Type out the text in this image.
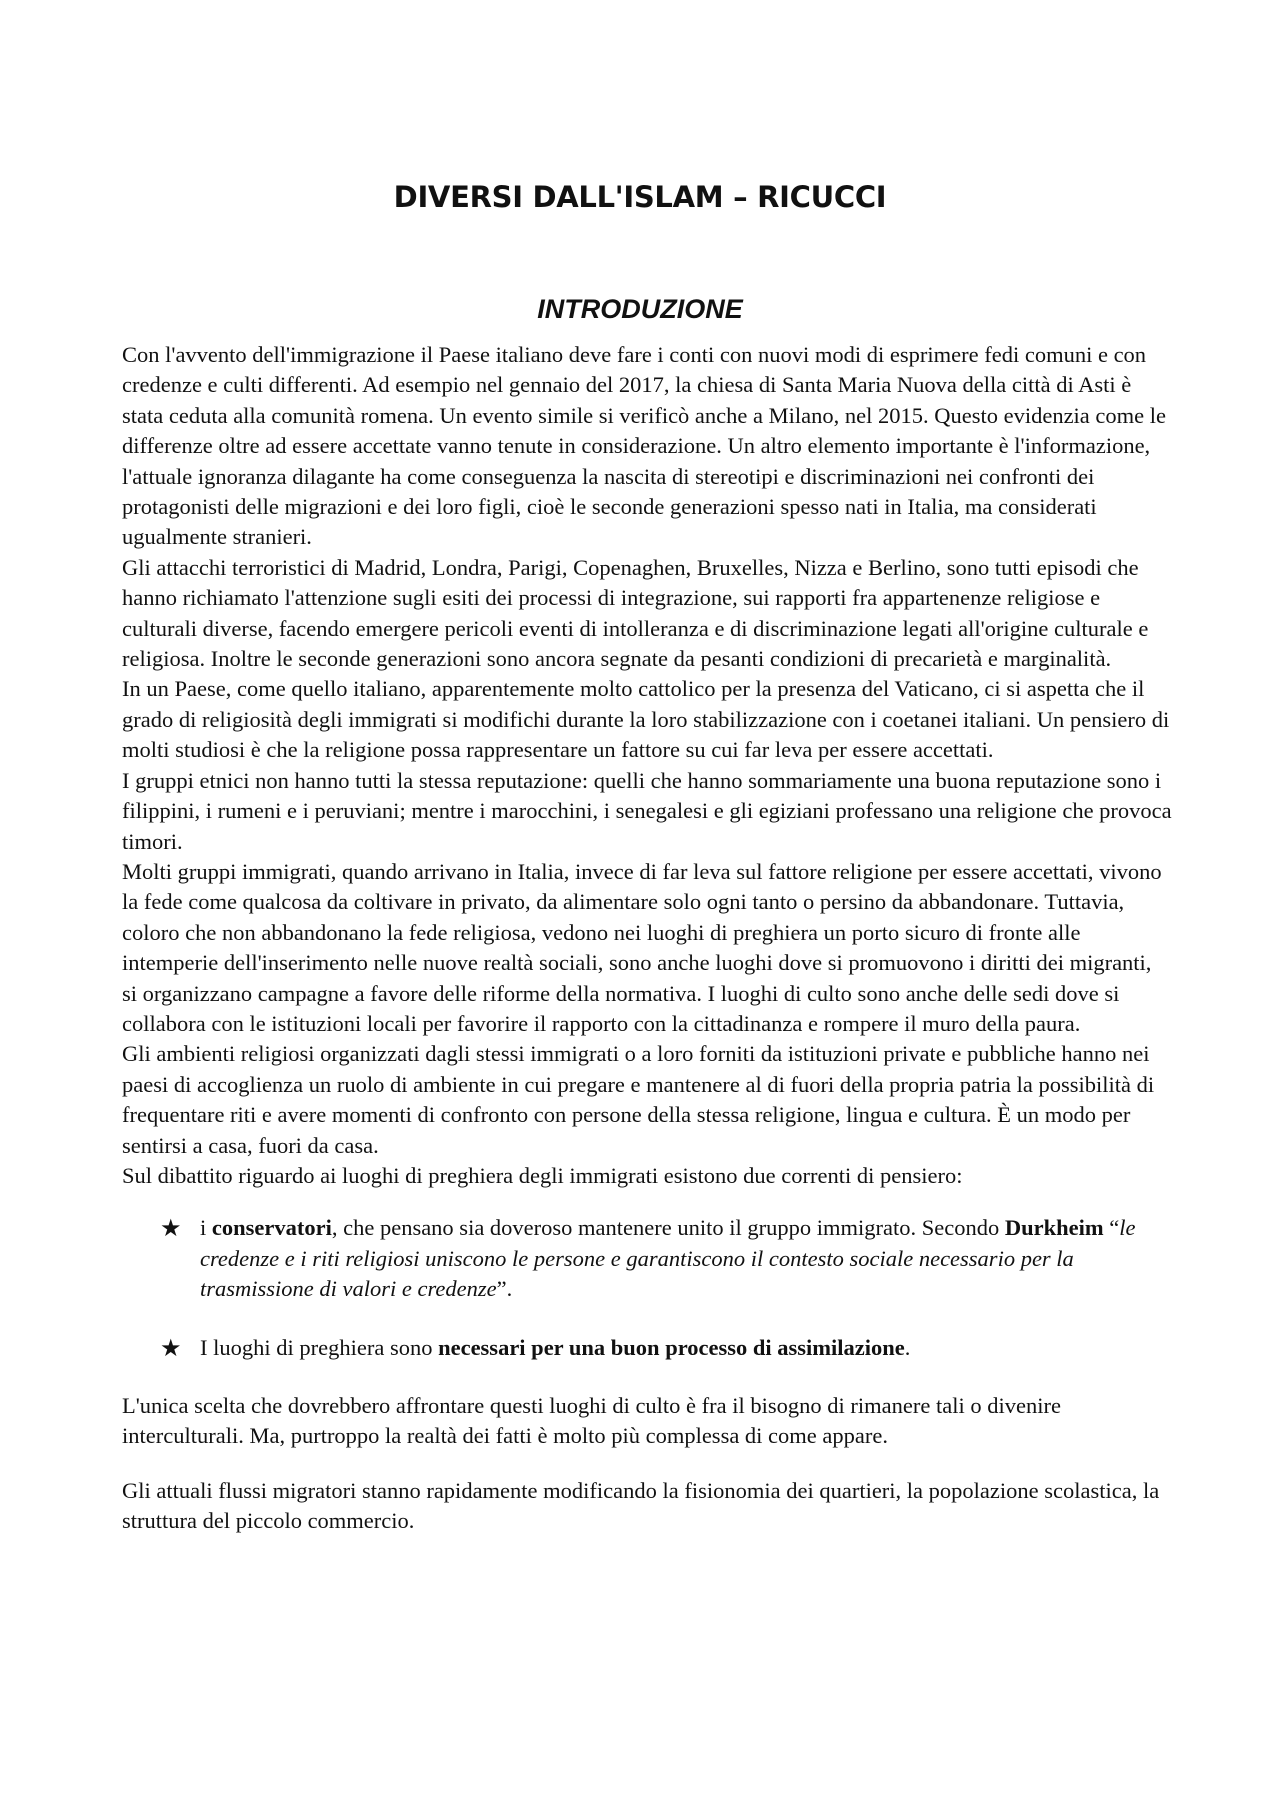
DIVERSI DALL'ISLAM – RICUCCI
INTRODUZIONE

Con l'avvento dell'immigrazione il Paese italiano deve fare i conti con nuovi modi di esprimere fedi comuni e con credenze e culti differenti. Ad esempio nel gennaio del 2017, la chiesa di Santa Maria Nuova della città di Asti è stata ceduta alla comunità romena. Un evento simile si verificò anche a Milano, nel 2015. Questo evidenzia come le differenze oltre ad essere accettate vanno tenute in considerazione. Un altro elemento importante è l'informazione, l'attuale ignoranza dilagante ha come conseguenza la nascita di stereotipi e discriminazioni nei confronti dei protagonisti delle migrazioni e dei loro figli, cioè le seconde generazioni spesso nati in Italia, ma considerati ugualmente stranieri.

Gli attacchi terroristici di Madrid, Londra, Parigi, Copenaghen, Bruxelles, Nizza e Berlino, sono tutti episodi che hanno richiamato l'attenzione sugli esiti dei processi di integrazione, sui rapporti fra appartenenze religiose e culturali diverse, facendo emergere pericoli eventi di intolleranza e di discriminazione legati all'origine culturale e religiosa. Inoltre le seconde generazioni sono ancora segnate da pesanti condizioni di precarietà e marginalità.

In un Paese, come quello italiano, apparentemente molto cattolico per la presenza del Vaticano, ci si aspetta che il grado di religiosità degli immigrati si modifichi durante la loro stabilizzazione con i coetanei italiani. Un pensiero di molti studiosi è che la religione possa rappresentare un fattore su cui far leva per essere accettati.

I gruppi etnici non hanno tutti la stessa reputazione: quelli che hanno sommariamente una buona reputazione sono i filippini, i rumeni e i peruviani; mentre i marocchini, i senegalesi e gli egiziani professano una religione che provoca timori.

Molti gruppi immigrati, quando arrivano in Italia, invece di far leva sul fattore religione per essere accettati, vivono la fede come qualcosa da coltivare in privato, da alimentare solo ogni tanto o persino da abbandonare. Tuttavia, coloro che non abbandonano la fede religiosa, vedono nei luoghi di preghiera un porto sicuro di fronte alle intemperie dell'inserimento nelle nuove realtà sociali, sono anche luoghi dove si promuovono i diritti dei migranti, si organizzano campagne a favore delle riforme della normativa. I luoghi di culto sono anche delle sedi dove si collabora con le istituzioni locali per favorire il rapporto con la cittadinanza e rompere il muro della paura.

Gli ambienti religiosi organizzati dagli stessi immigrati o a loro forniti da istituzioni private e pubbliche hanno nei paesi di accoglienza un ruolo di ambiente in cui pregare e mantenere al di fuori della propria patria la possibilità di frequentare riti e avere momenti di confronto con persone della stessa religione, lingua e cultura. È un modo per sentirsi a casa, fuori da casa.

Sul dibattito riguardo ai luoghi di preghiera degli immigrati esistono due correnti di pensiero:

★ i conservatori, che pensano sia doveroso mantenere unito il gruppo immigrato. Secondo Durkheim “le credenze e i riti religiosi uniscono le persone e garantiscono il contesto sociale necessario per la trasmissione di valori e credenze”.
★ I luoghi di preghiera sono necessari per una buon processo di assimilazione.

L'unica scelta che dovrebbero affrontare questi luoghi di culto è fra il bisogno di rimanere tali o divenire interculturali. Ma, purtroppo la realtà dei fatti è molto più complessa di come appare.

Gli attuali flussi migratori stanno rapidamente modificando la fisionomia dei quartieri, la popolazione scolastica, la struttura del piccolo commercio.
